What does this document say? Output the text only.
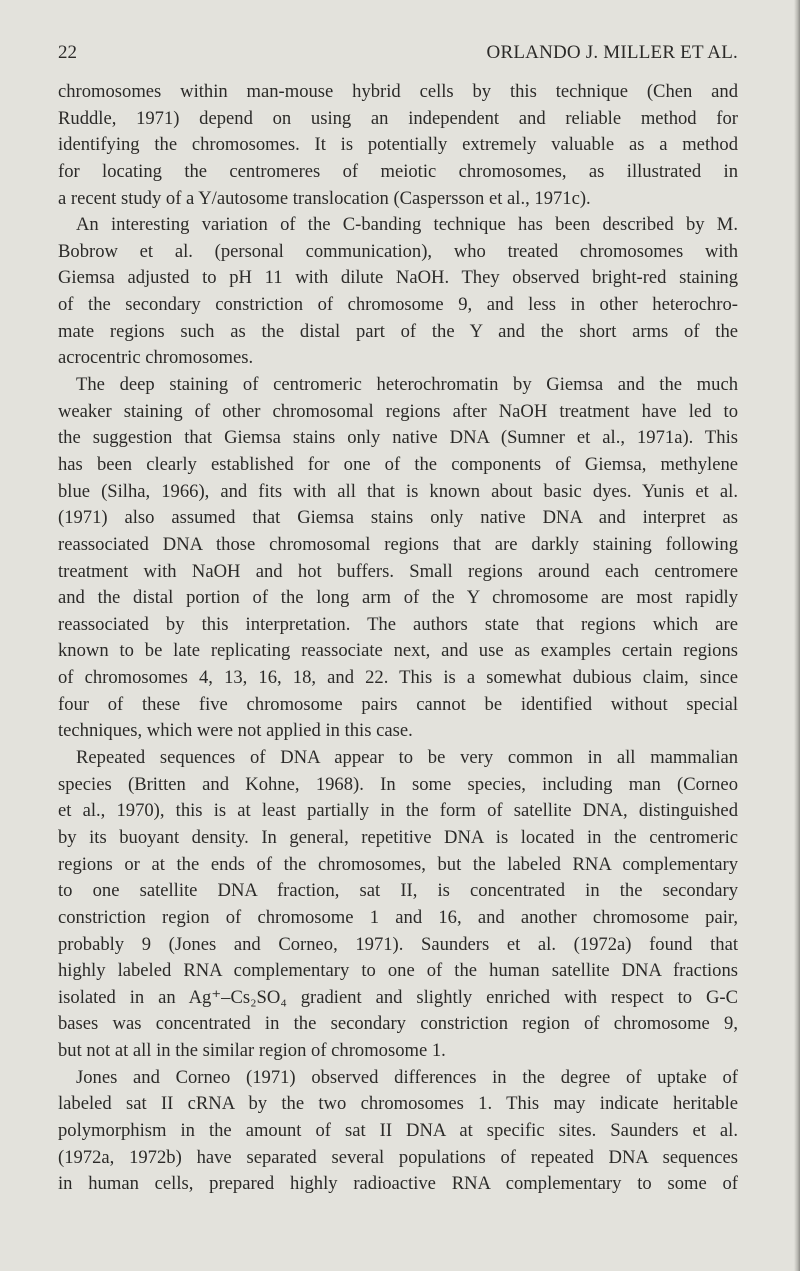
22	ORLANDO J. MILLER ET AL.
chromosomes within man-mouse hybrid cells by this technique (Chen and
Ruddle, 1971) depend on using an independent and reliable method for
identifying the chromosomes. It is potentially extremely valuable as a method
for locating the centromeres of meiotic chromosomes, as illustrated in
a recent study of a Y/autosome translocation (Caspersson et al., 1971c).
An interesting variation of the C-banding technique has been described by M.
Bobrow et al. (personal communication), who treated chromosomes with
Giemsa adjusted to pH 11 with dilute NaOH. They observed bright-red staining
of the secondary constriction of chromosome 9, and less in other heterochro-
mate regions such as the distal part of the Y and the short arms of the
acrocentric chromosomes.
The deep staining of centromeric heterochromatin by Giemsa and the much
weaker staining of other chromosomal regions after NaOH treatment have led to
the suggestion that Giemsa stains only native DNA (Sumner et al., 1971a). This
has been clearly established for one of the components of Giemsa, methylene
blue (Silha, 1966), and fits with all that is known about basic dyes. Yunis et al.
(1971) also assumed that Giemsa stains only native DNA and interpret as
reassociated DNA those chromosomal regions that are darkly staining following
treatment with NaOH and hot buffers. Small regions around each centromere
and the distal portion of the long arm of the Y chromosome are most rapidly
reassociated by this interpretation. The authors state that regions which are
known to be late replicating reassociate next, and use as examples certain regions
of chromosomes 4, 13, 16, 18, and 22. This is a somewhat dubious claim, since
four of these five chromosome pairs cannot be identified without special
techniques, which were not applied in this case.
Repeated sequences of DNA appear to be very common in all mammalian
species (Britten and Kohne, 1968). In some species, including man (Corneo
et al., 1970), this is at least partially in the form of satellite DNA, distinguished
by its buoyant density. In general, repetitive DNA is located in the centromeric
regions or at the ends of the chromosomes, but the labeled RNA complementary
to one satellite DNA fraction, sat II, is concentrated in the secondary
constriction region of chromosome 1 and 16, and another chromosome pair,
probably 9 (Jones and Corneo, 1971). Saunders et al. (1972a) found that
highly labeled RNA complementary to one of the human satellite DNA fractions
isolated in an Ag⁺–Cs₂SO₄ gradient and slightly enriched with respect to G-C
bases was concentrated in the secondary constriction region of chromosome 9,
but not at all in the similar region of chromosome 1.
Jones and Corneo (1971) observed differences in the degree of uptake of
labeled sat II cRNA by the two chromosomes 1. This may indicate heritable
polymorphism in the amount of sat II DNA at specific sites. Saunders et al.
(1972a, 1972b) have separated several populations of repeated DNA sequences
in human cells, prepared highly radioactive RNA complementary to some of
